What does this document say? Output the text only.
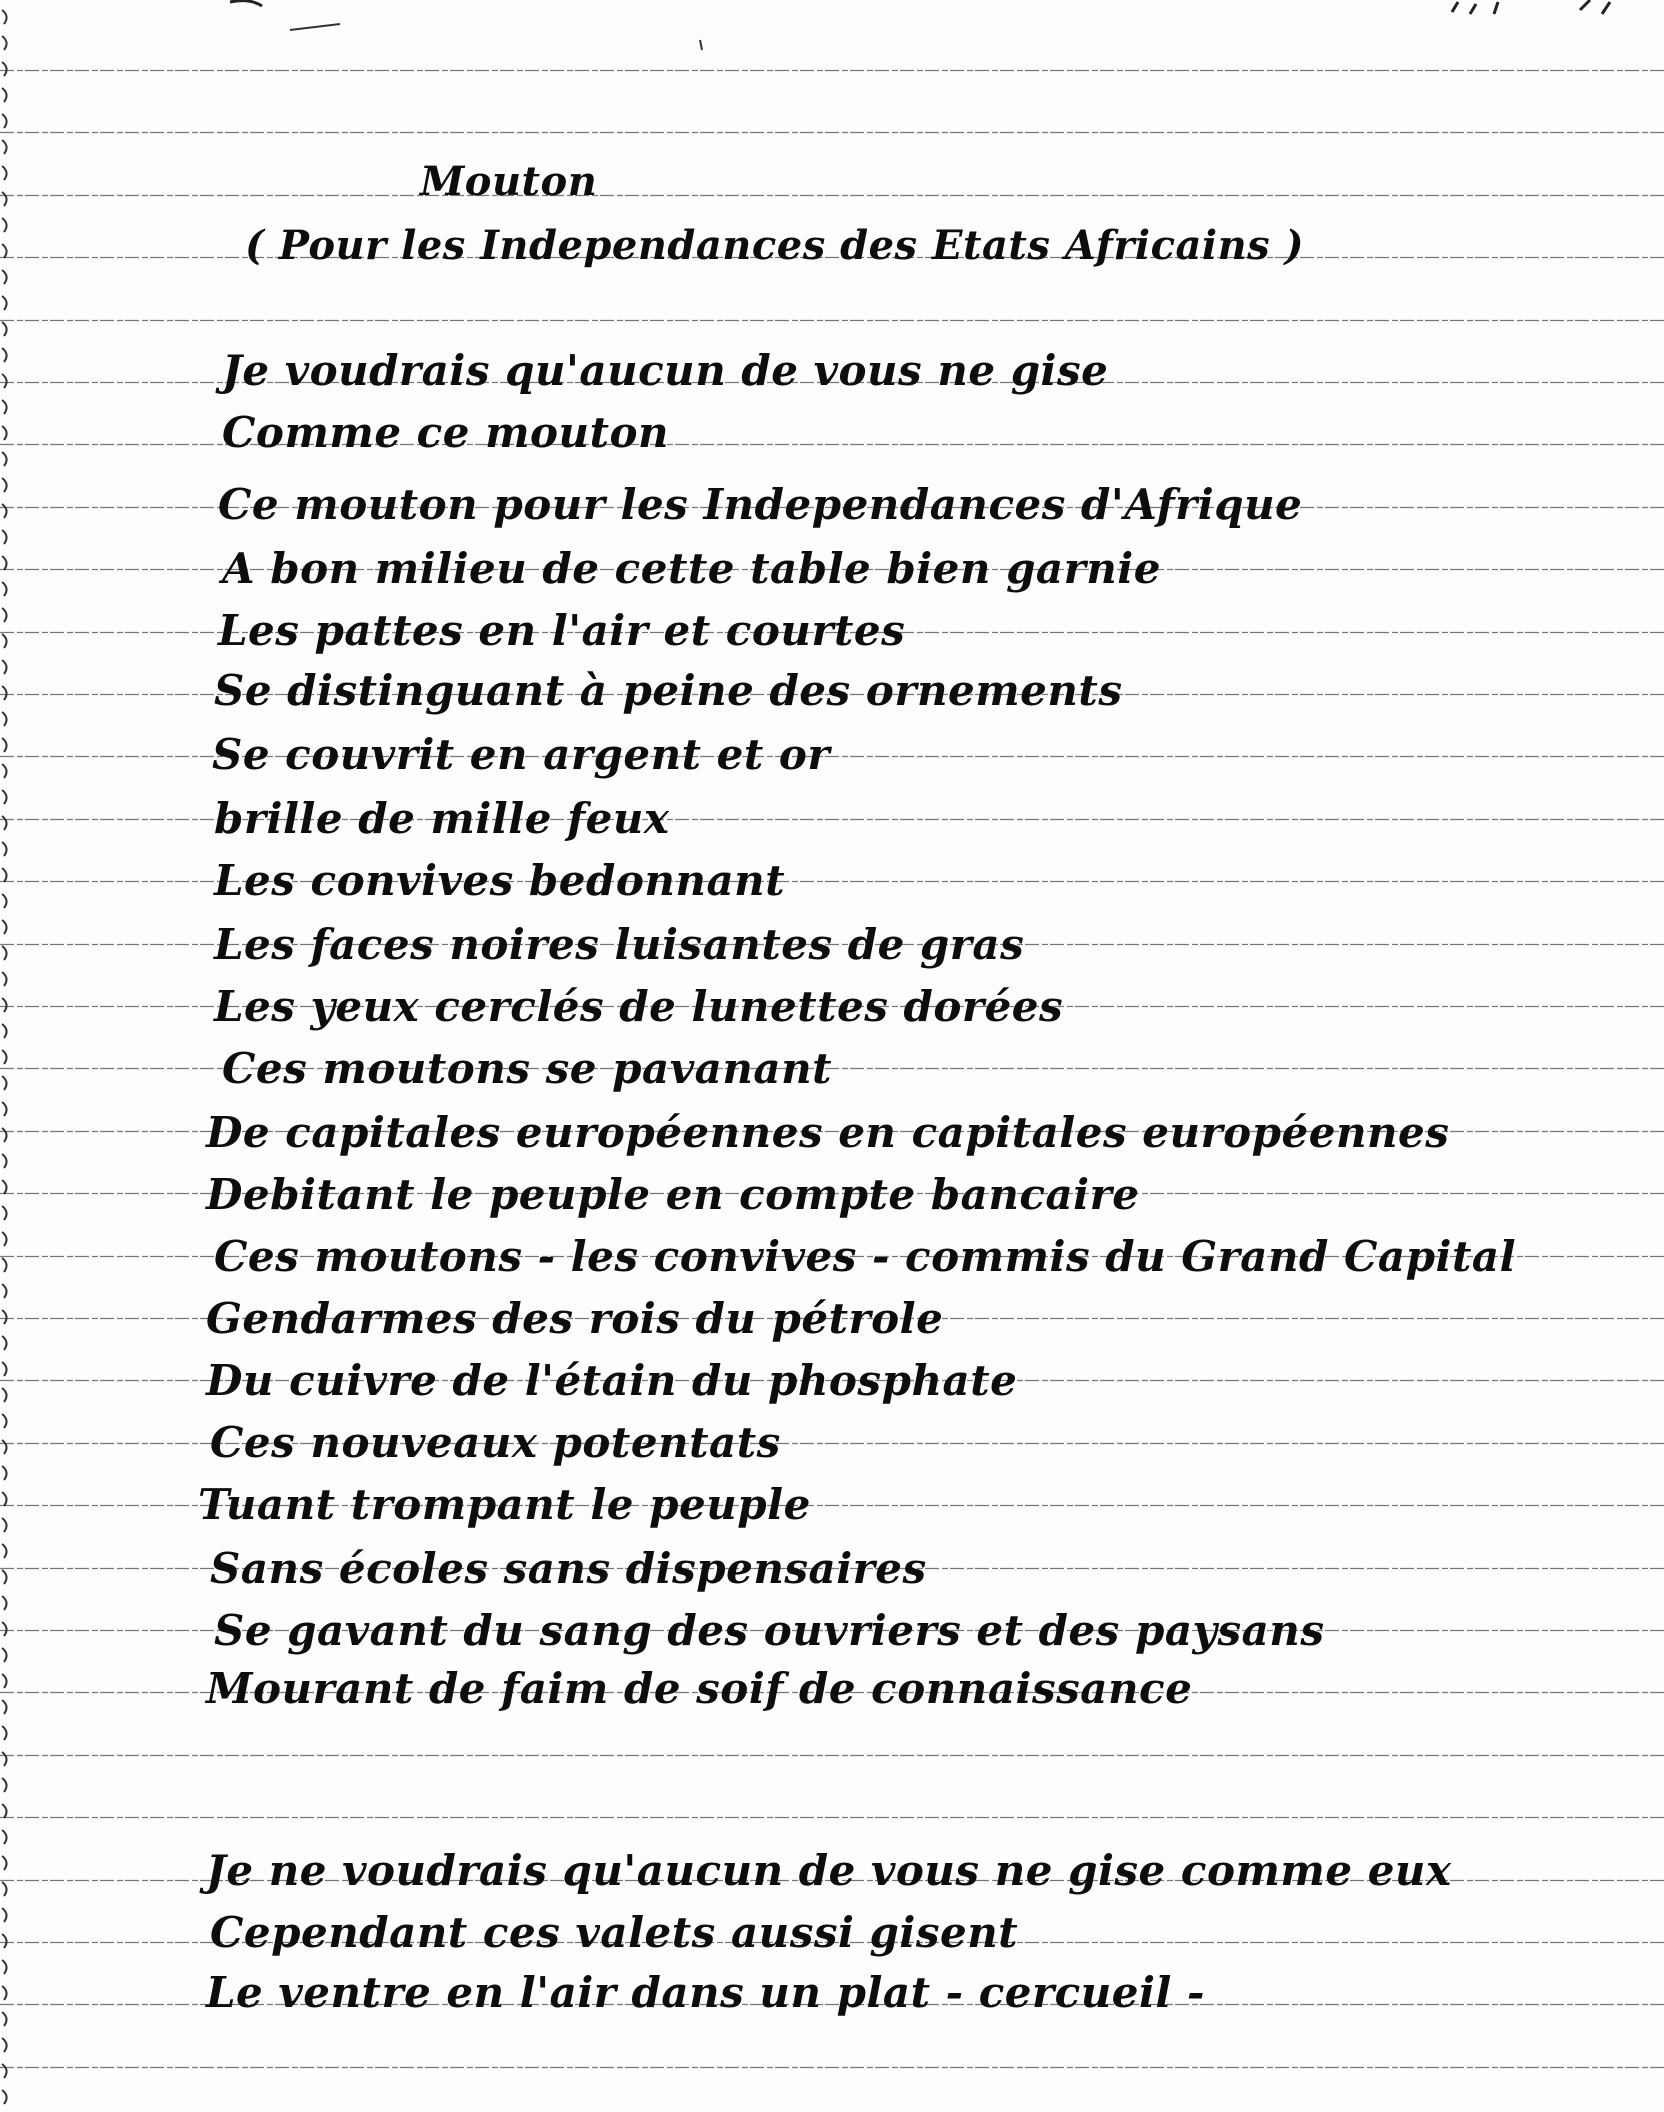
Mouton
( Pour les Independances des Etats Africains )
Je voudrais qu'aucun de vous ne gise
Comme ce mouton
Ce mouton pour les Independances d'Afrique
A bon milieu de cette table bien garnie
Les pattes en l'air et courtes
Se distinguant à peine des ornements
Se couvrit en argent et or
brille de mille feux
Les convives bedonnant
Les faces noires luisantes de gras
Les yeux cerclés de lunettes dorées
Ces moutons se pavanant
De capitales européennes en capitales européennes
Debitant le peuple en compte bancaire
Ces moutons - les convives - commis du Grand Capital
Gendarmes des rois du pétrole
Du cuivre de l'étain du phosphate
Ces nouveaux potentats
Tuant trompant le peuple
Sans écoles sans dispensaires
Se gavant du sang des ouvriers et des paysans
Mourant de faim de soif de connaissance
Je ne voudrais qu'aucun de vous ne gise comme eux
Cependant ces valets aussi gisent
Le ventre en l'air dans un plat - cercueil -
